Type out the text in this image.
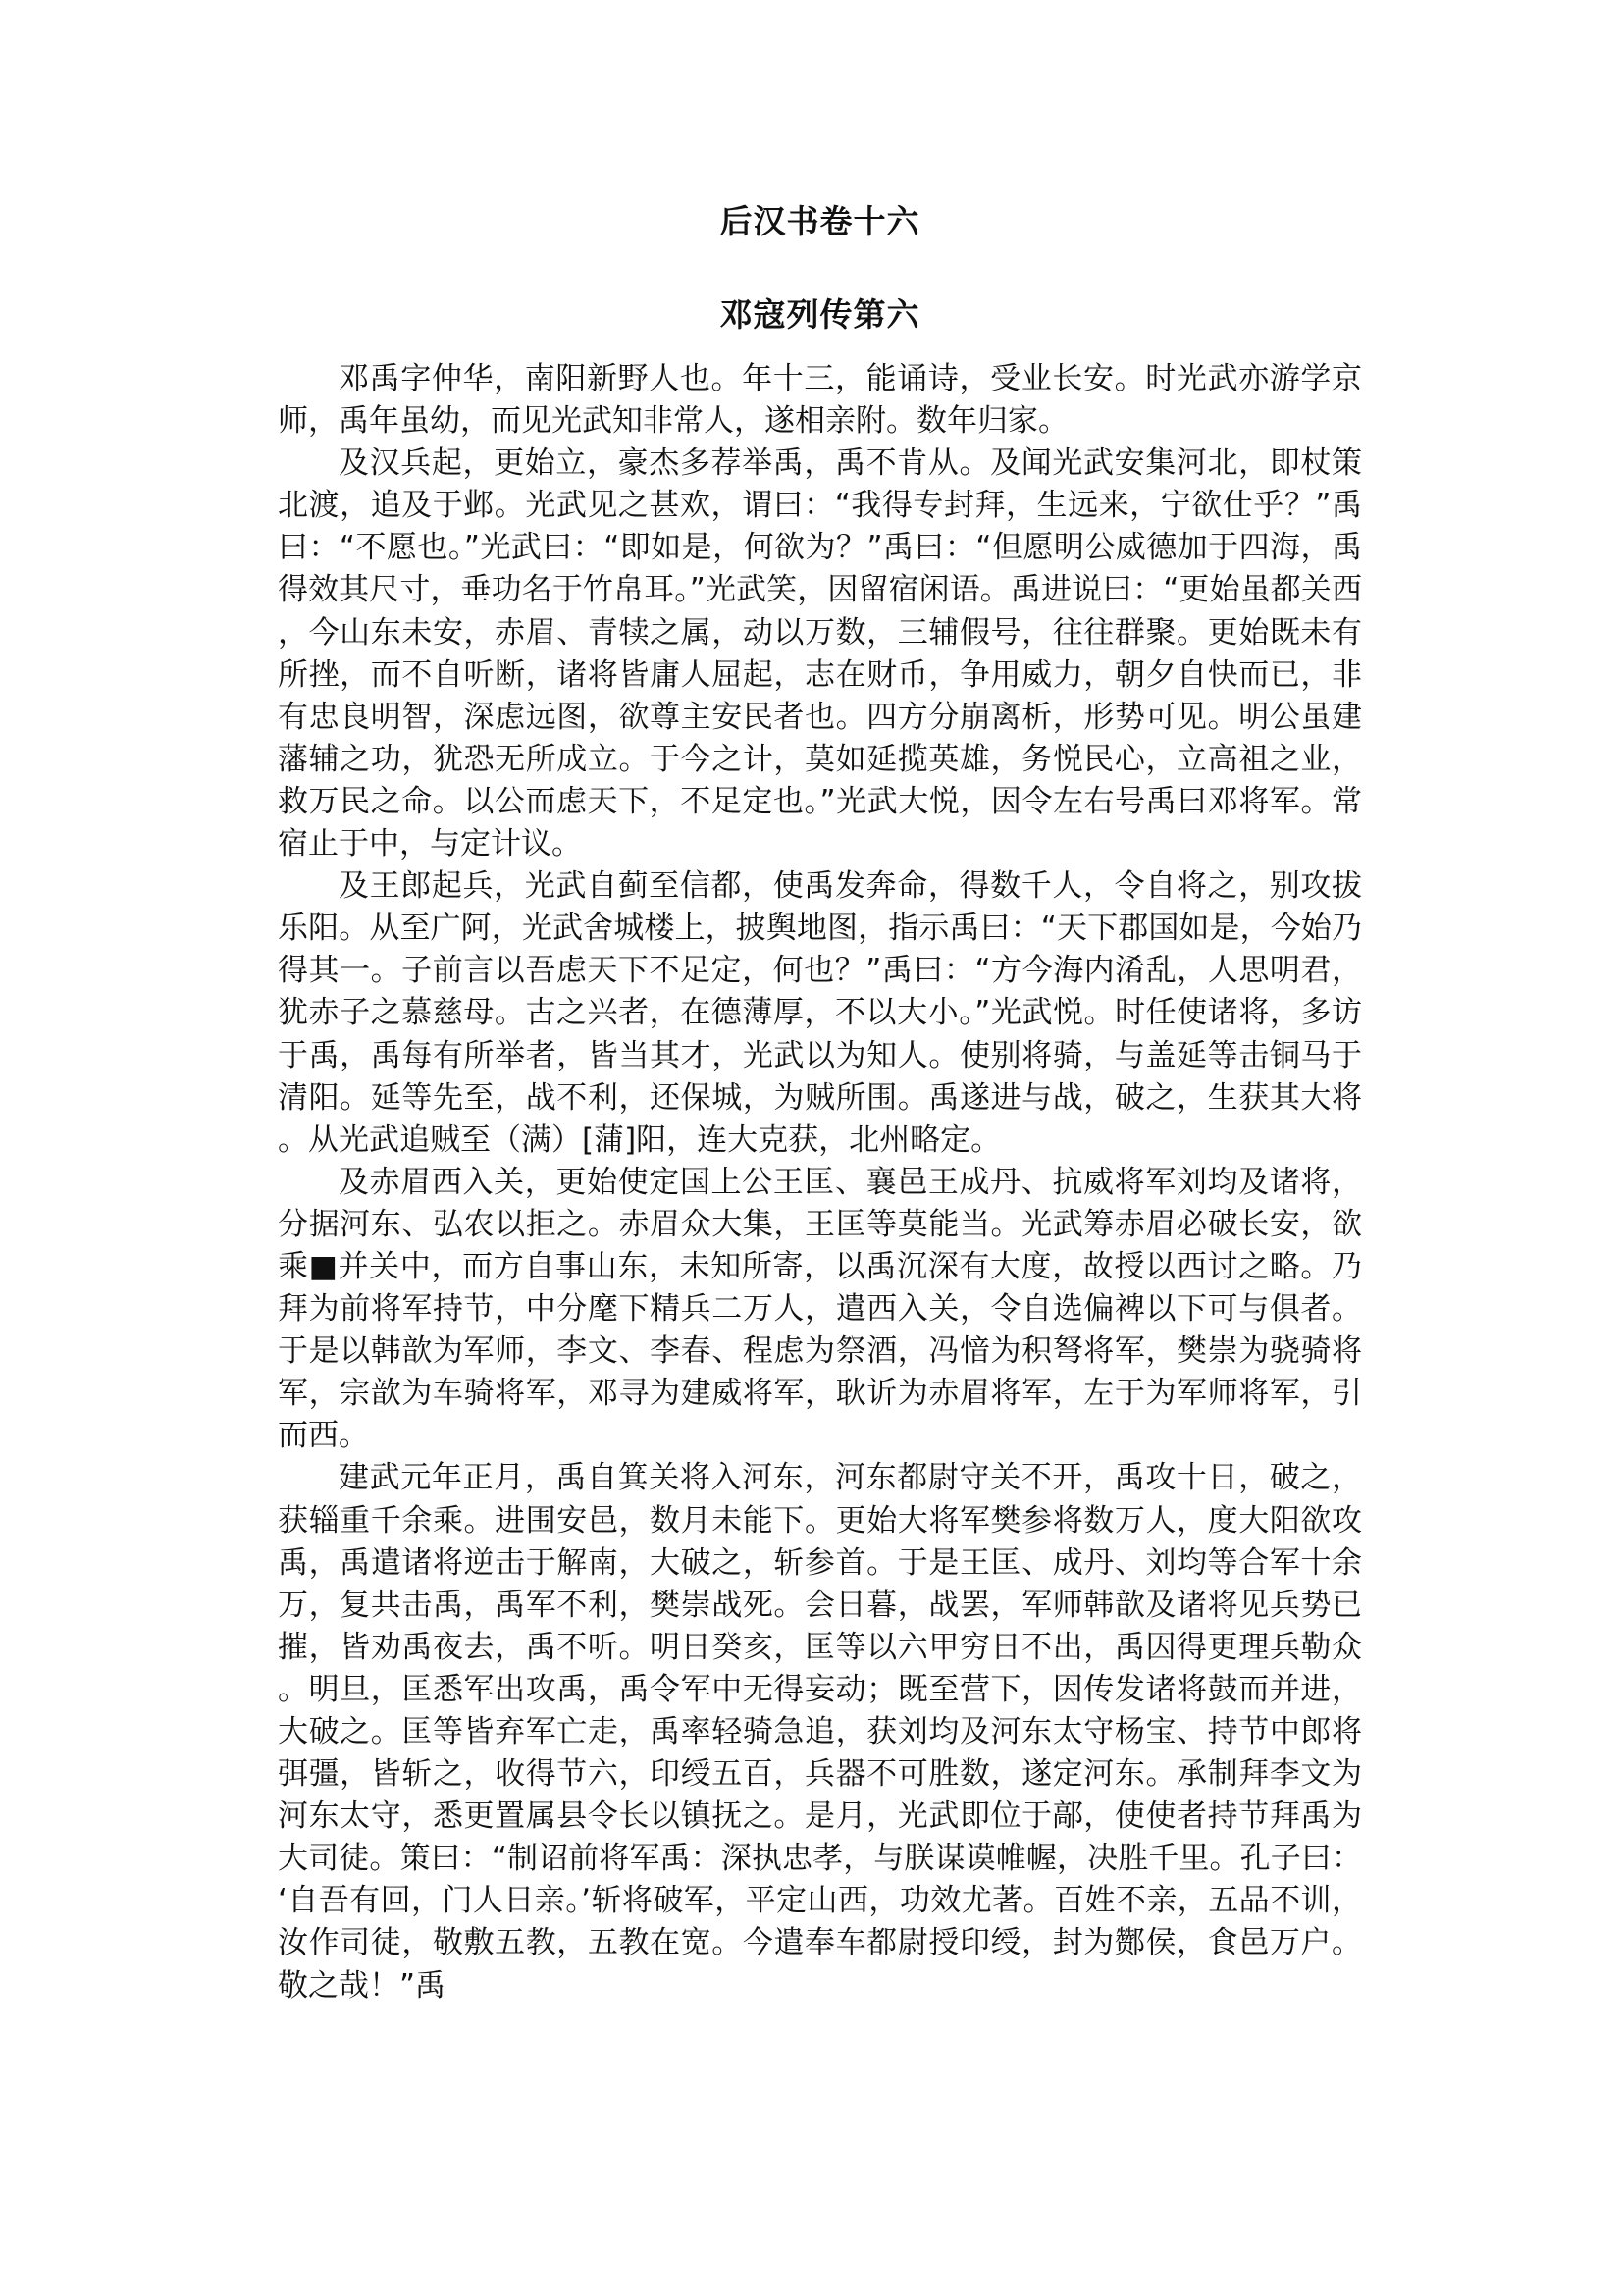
后汉书卷十六
邓寇列传第六

邓禹字仲华，南阳新野人也。年十三，能诵诗，受业长安。时光武亦游学京师，禹年虽幼，而见光武知非常人，遂相亲附。数年归家。

及汉兵起，更始立，豪杰多荐举禹，禹不肯从。及闻光武安集河北，即杖策北渡，追及于邺。光武见之甚欢，谓曰：“我得专封拜，生远来，宁欲仕乎？”禹曰：“不愿也。”光武曰：“即如是，何欲为？”禹曰：“但愿明公威德加于四海，禹得效其尺寸，垂功名于竹帛耳。”光武笑，因留宿闲语。禹进说曰：“更始虽都关西，今山东未安，赤眉、青犊之属，动以万数，三辅假号，往往群聚。更始既未有所挫，而不自听断，诸将皆庸人屈起，志在财币，争用威力，朝夕自快而已，非有忠良明智，深虑远图，欲尊主安民者也。四方分崩离析，形势可见。明公虽建藩辅之功，犹恐无所成立。于今之计，莫如延揽英雄，务悦民心，立高祖之业，救万民之命。以公而虑天下，不足定也。”光武大悦，因令左右号禹曰邓将军。常宿止于中，与定计议。

及王郎起兵，光武自蓟至信都，使禹发奔命，得数千人，令自将之，别攻拔乐阳。从至广阿，光武舍城楼上，披舆地图，指示禹曰：“天下郡国如是，今始乃得其一。子前言以吾虑天下不足定，何也？”禹曰：“方今海内淆乱，人思明君，犹赤子之慕慈母。古之兴者，在德薄厚，不以大小。”光武悦。时任使诸将，多访于禹，禹每有所举者，皆当其才，光武以为知人。使别将骑，与盖延等击铜马于清阳。延等先至，战不利，还保城，为贼所围。禹遂进与战，破之，生获其大将。从光武追贼至（满）[蒲]阳，连大克获，北州略定。

及赤眉西入关，更始使定国上公王匡、襄邑王成丹、抗威将军刘均及诸将，分据河东、弘农以拒之。赤眉众大集，王匡等莫能当。光武筹赤眉必破长安，欲乘■并关中，而方自事山东，未知所寄，以禹沉深有大度，故授以西讨之略。乃拜为前将军持节，中分麾下精兵二万人，遣西入关，令自选偏裨以下可与俱者。于是以韩歆为军师，李文、李春、程虑为祭酒，冯愔为积弩将军，樊崇为骁骑将军，宗歆为车骑将军，邓寻为建威将军，耿䜣为赤眉将军，左于为军师将军，引而西。

建武元年正月，禹自箕关将入河东，河东都尉守关不开，禹攻十日，破之，获辎重千余乘。进围安邑，数月未能下。更始大将军樊参将数万人，度大阳欲攻禹，禹遣诸将逆击于解南，大破之，斩参首。于是王匡、成丹、刘均等合军十余万，复共击禹，禹军不利，樊崇战死。会日暮，战罢，军师韩歆及诸将见兵势已摧，皆劝禹夜去，禹不听。明日癸亥，匡等以六甲穷日不出，禹因得更理兵勒众。明旦，匡悉军出攻禹，禹令军中无得妄动；既至营下，因传发诸将鼓而并进，大破之。匡等皆弃军亡走，禹率轻骑急追，获刘均及河东太守杨宝、持节中郎将弭彊，皆斩之，收得节六，印绶五百，兵器不可胜数，遂定河东。承制拜李文为河东太守，悉更置属县令长以镇抚之。是月，光武即位于鄗，使使者持节拜禹为大司徒。策曰：“制诏前将军禹：深执忠孝，与朕谋谟帷幄，决胜千里。孔子曰：‘自吾有回，门人日亲。’斩将破军，平定山西，功效尤著。百姓不亲，五品不训，汝作司徒，敬敷五教，五教在宽。今遣奉车都尉授印绶，封为酂侯，食邑万户。敬之哉！”禹
